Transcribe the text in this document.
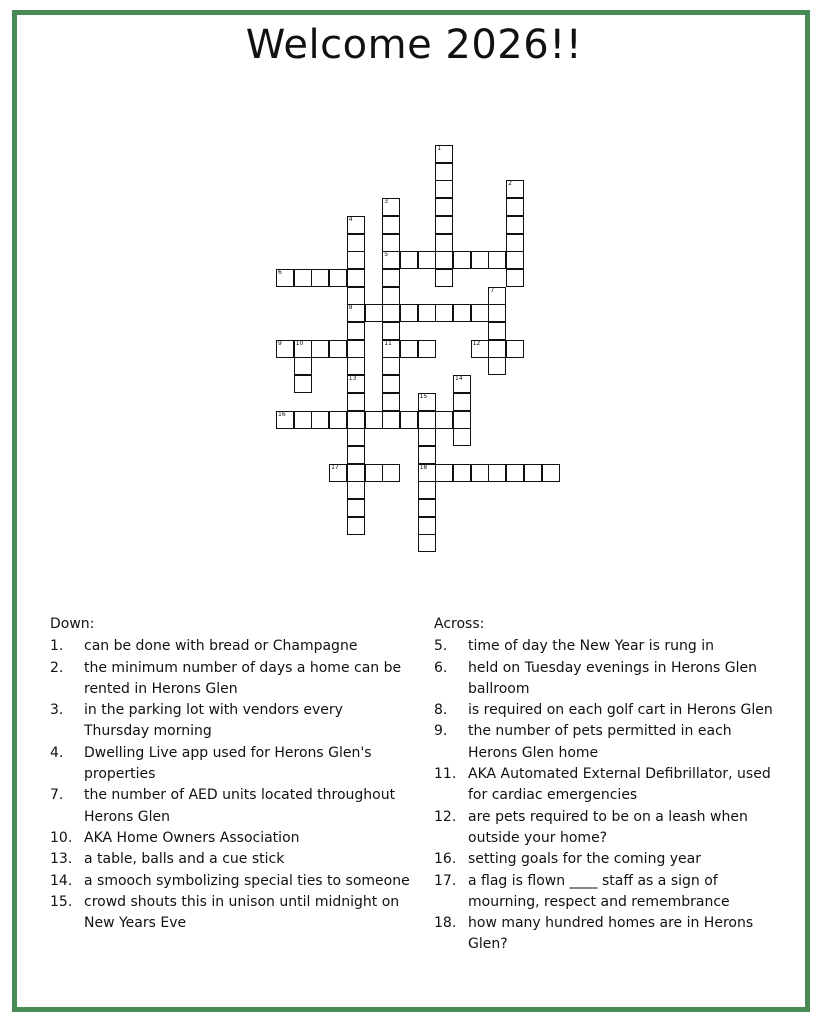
Welcome 2026!!
1
2
3
5
11
4
8
6
7
9 10	12
13	14
15
18
16
17

Down:

1. can be done with bread or Champagne

2. the minimum number of days a home can be rented in Herons Glen

3. in the parking lot with vendors every Thursday morning

4. Dwelling Live app used for Herons Glen's properties

7. the number of AED units located throughout Herons Glen

10. AKA Home Owners Association

13. a table, balls and a cue stick

14. a smooch symbolizing special ties to someone

15. crowd shouts this in unison until midnight on New Years Eve

Across:

5. time of day the New Year is rung in

6. held on Tuesday evenings in Herons Glen ballroom

8. is required on each golf cart in Herons Glen

9. the number of pets permitted in each Herons Glen home

11. AKA Automated External Defibrillator, used for cardiac emergencies

12. are pets required to be on a leash when outside your home?

16. setting goals for the coming year

17. a flag is flown ____ staff as a sign of mourning, respect and remembrance

18. how many hundred homes are in Herons Glen?
